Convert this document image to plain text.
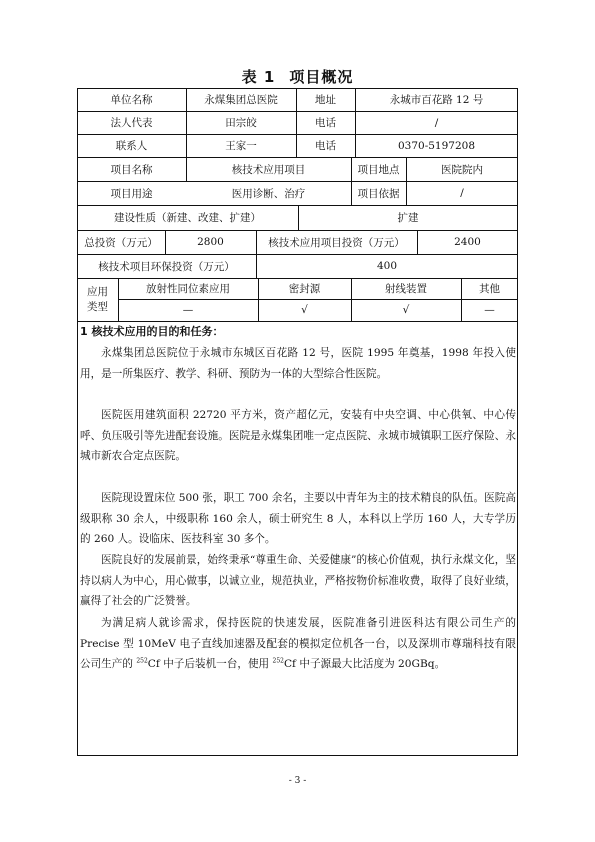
表 1 项目概况
单位名称	永煤集团总医院	地址	永城市百花路 12 号
法人代表	田宗皎	电话	/
联系人	王家一	电话	0370-5197208
项目名称	核技术应用项目	项目地点	医院院内
项目用途	医用诊断、治疗	项目依据	/
建设性质（新建、改建、扩建）	扩建
总投资（万元）	2800	核技术应用项目投资（万元）	2400
核技术项目环保投资（万元）	400
应用
类型
放射性同位素应用	密封源	射线装置	其他
—	√	√	—
1 核技术应用的目的和任务：

永煤集团总医院位于永城市东城区百花路 12 号，医院 1995 年奠基，1998 年投入使用，是一所集医疗、教学、科研、预防为一体的大型综合性医院。

医院医用建筑面积 22720 平方米，资产超亿元，安装有中央空调、中心供氧、中心传呼、负压吸引等先进配套设施。医院是永煤集团唯一定点医院、永城市城镇职工医疗保险、永城市新农合定点医院。

医院现设置床位 500 张，职工 700 余名，主要以中青年为主的技术精良的队伍。医院高级职称 30 余人，中级职称 160 余人，硕士研究生 8 人，本科以上学历 160 人，大专学历的 260 人。设临床、医技科室 30 多个。

医院良好的发展前景，始终秉承“尊重生命、关爱健康”的核心价值观，执行永煤文化，坚持以病人为中心，用心做事，以诚立业，规范执业，严格按物价标准收费，取得了良好业绩，赢得了社会的广泛赞誉。

为满足病人就诊需求，保持医院的快速发展，医院准备引进医科达有限公司生产的 Precise 型 10MeV 电子直线加速器及配套的模拟定位机各一台，以及深圳市尊瑞科技有限公司生产的 $^{252}$Cf 中子后装机一台，使用 $^{252}$Cf 中子源最大比活度为 20GBq。

- 3 -
